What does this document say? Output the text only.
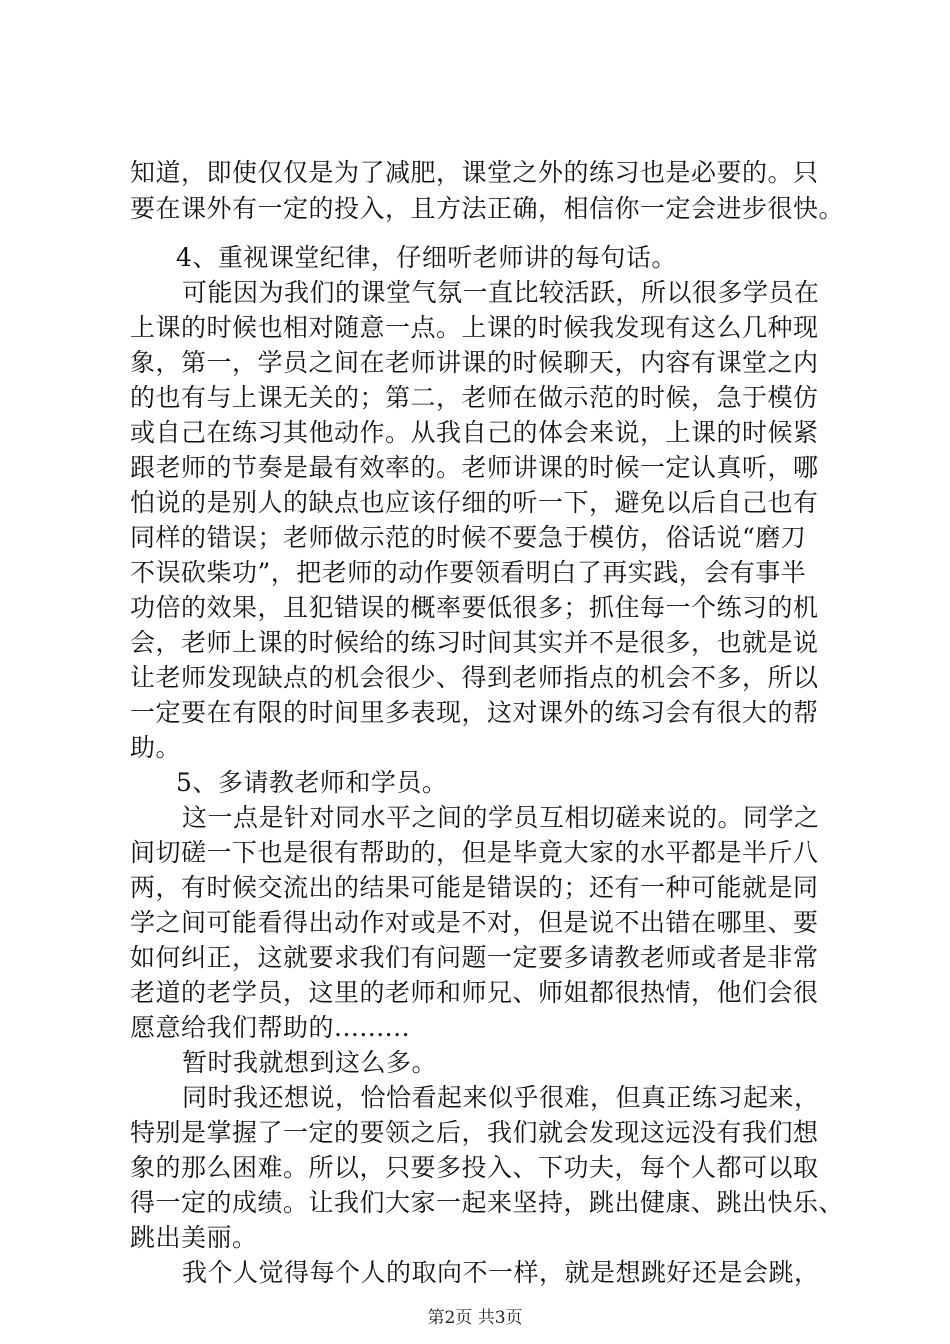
知道，即使仅仅是为了减肥，课堂之外的练习也是必要的。只
要在课外有一定的投入，且方法正确，相信你一定会进步很快。
4、重视课堂纪律，仔细听老师讲的每句话。
可能因为我们的课堂气氛一直比较活跃，所以很多学员在
上课的时候也相对随意一点。上课的时候我发现有这么几种现
象，第一，学员之间在老师讲课的时候聊天，内容有课堂之内
的也有与上课无关的；第二，老师在做示范的时候，急于模仿
或自己在练习其他动作。从我自己的体会来说，上课的时候紧
跟老师的节奏是最有效率的。老师讲课的时候一定认真听，哪
怕说的是别人的缺点也应该仔细的听一下，避免以后自己也有
同样的错误；老师做示范的时候不要急于模仿，俗话说“磨刀
不误砍柴功”，把老师的动作要领看明白了再实践，会有事半
功倍的效果，且犯错误的概率要低很多；抓住每一个练习的机
会，老师上课的时候给的练习时间其实并不是很多，也就是说
让老师发现缺点的机会很少、得到老师指点的机会不多，所以
一定要在有限的时间里多表现，这对课外的练习会有很大的帮
助。
5、多请教老师和学员。
这一点是针对同水平之间的学员互相切磋来说的。同学之
间切磋一下也是很有帮助的，但是毕竟大家的水平都是半斤八
两，有时候交流出的结果可能是错误的；还有一种可能就是同
学之间可能看得出动作对或是不对，但是说不出错在哪里、要
如何纠正，这就要求我们有问题一定要多请教老师或者是非常
老道的老学员，这里的老师和师兄、师姐都很热情，他们会很
愿意给我们帮助的.........
暂时我就想到这么多。
同时我还想说，恰恰看起来似乎很难，但真正练习起来，
特别是掌握了一定的要领之后，我们就会发现这远没有我们想
象的那么困难。所以，只要多投入、下功夫，每个人都可以取
得一定的成绩。让我们大家一起来坚持，跳出健康、跳出快乐、
跳出美丽。
我个人觉得每个人的取向不一样，就是想跳好还是会跳，
第2页 共3页
